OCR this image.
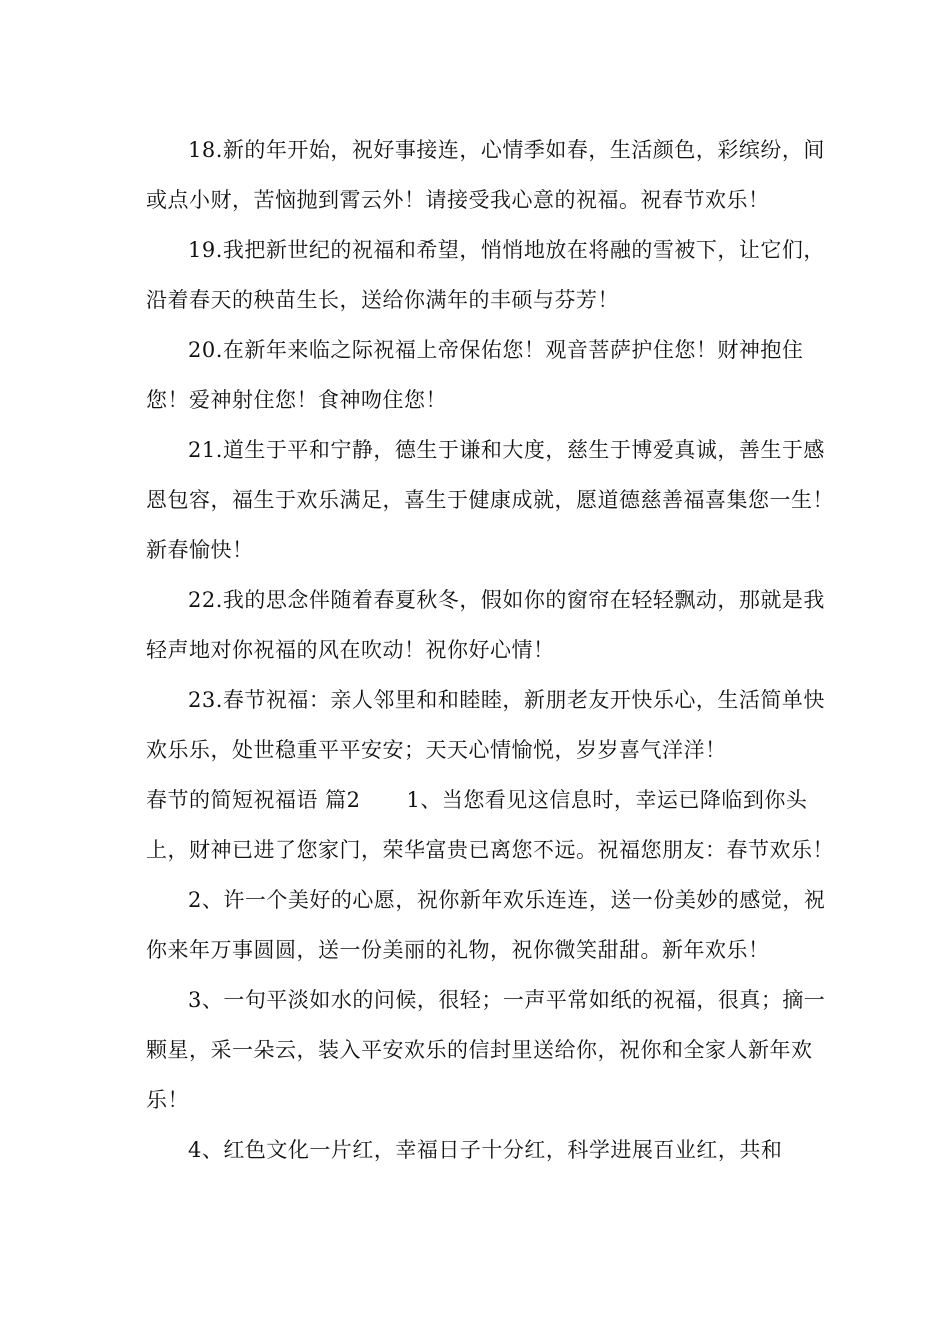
18.新的年开始，祝好事接连，心情季如春，生活颜色，彩缤纷，间或点小财，苦恼抛到霄云外！请接受我心意的祝福。祝春节欢乐！

19.我把新世纪的祝福和希望，悄悄地放在将融的雪被下，让它们，沿着春天的秧苗生长，送给你满年的丰硕与芬芳！

20.在新年来临之际祝福上帝保佑您！观音菩萨护住您！财神抱住您！爱神射住您！食神吻住您！

21.道生于平和宁静，德生于谦和大度，慈生于博爱真诚，善生于感恩包容，福生于欢乐满足，喜生于健康成就，愿道德慈善福喜集您一生！新春愉快！

22.我的思念伴随着春夏秋冬，假如你的窗帘在轻轻飘动，那就是我轻声地对你祝福的风在吹动！祝你好心情！

23.春节祝福：亲人邻里和和睦睦，新朋老友开快乐心，生活简单快欢乐乐，处世稳重平平安安；天天心情愉悦，岁岁喜气洋洋！

春节的简短祝福语 篇2 1、当您看见这信息时，幸运已降临到你头上，财神已进了您家门，荣华富贵已离您不远。祝福您朋友：春节欢乐！

2、许一个美好的心愿，祝你新年欢乐连连，送一份美妙的感觉，祝你来年万事圆圆，送一份美丽的礼物，祝你微笑甜甜。新年欢乐！

3、一句平淡如水的问候，很轻；一声平常如纸的祝福，很真；摘一颗星，采一朵云，装入平安欢乐的信封里送给你，祝你和全家人新年欢乐！

4、红色文化一片红，幸福日子十分红，科学进展百业红，共和
